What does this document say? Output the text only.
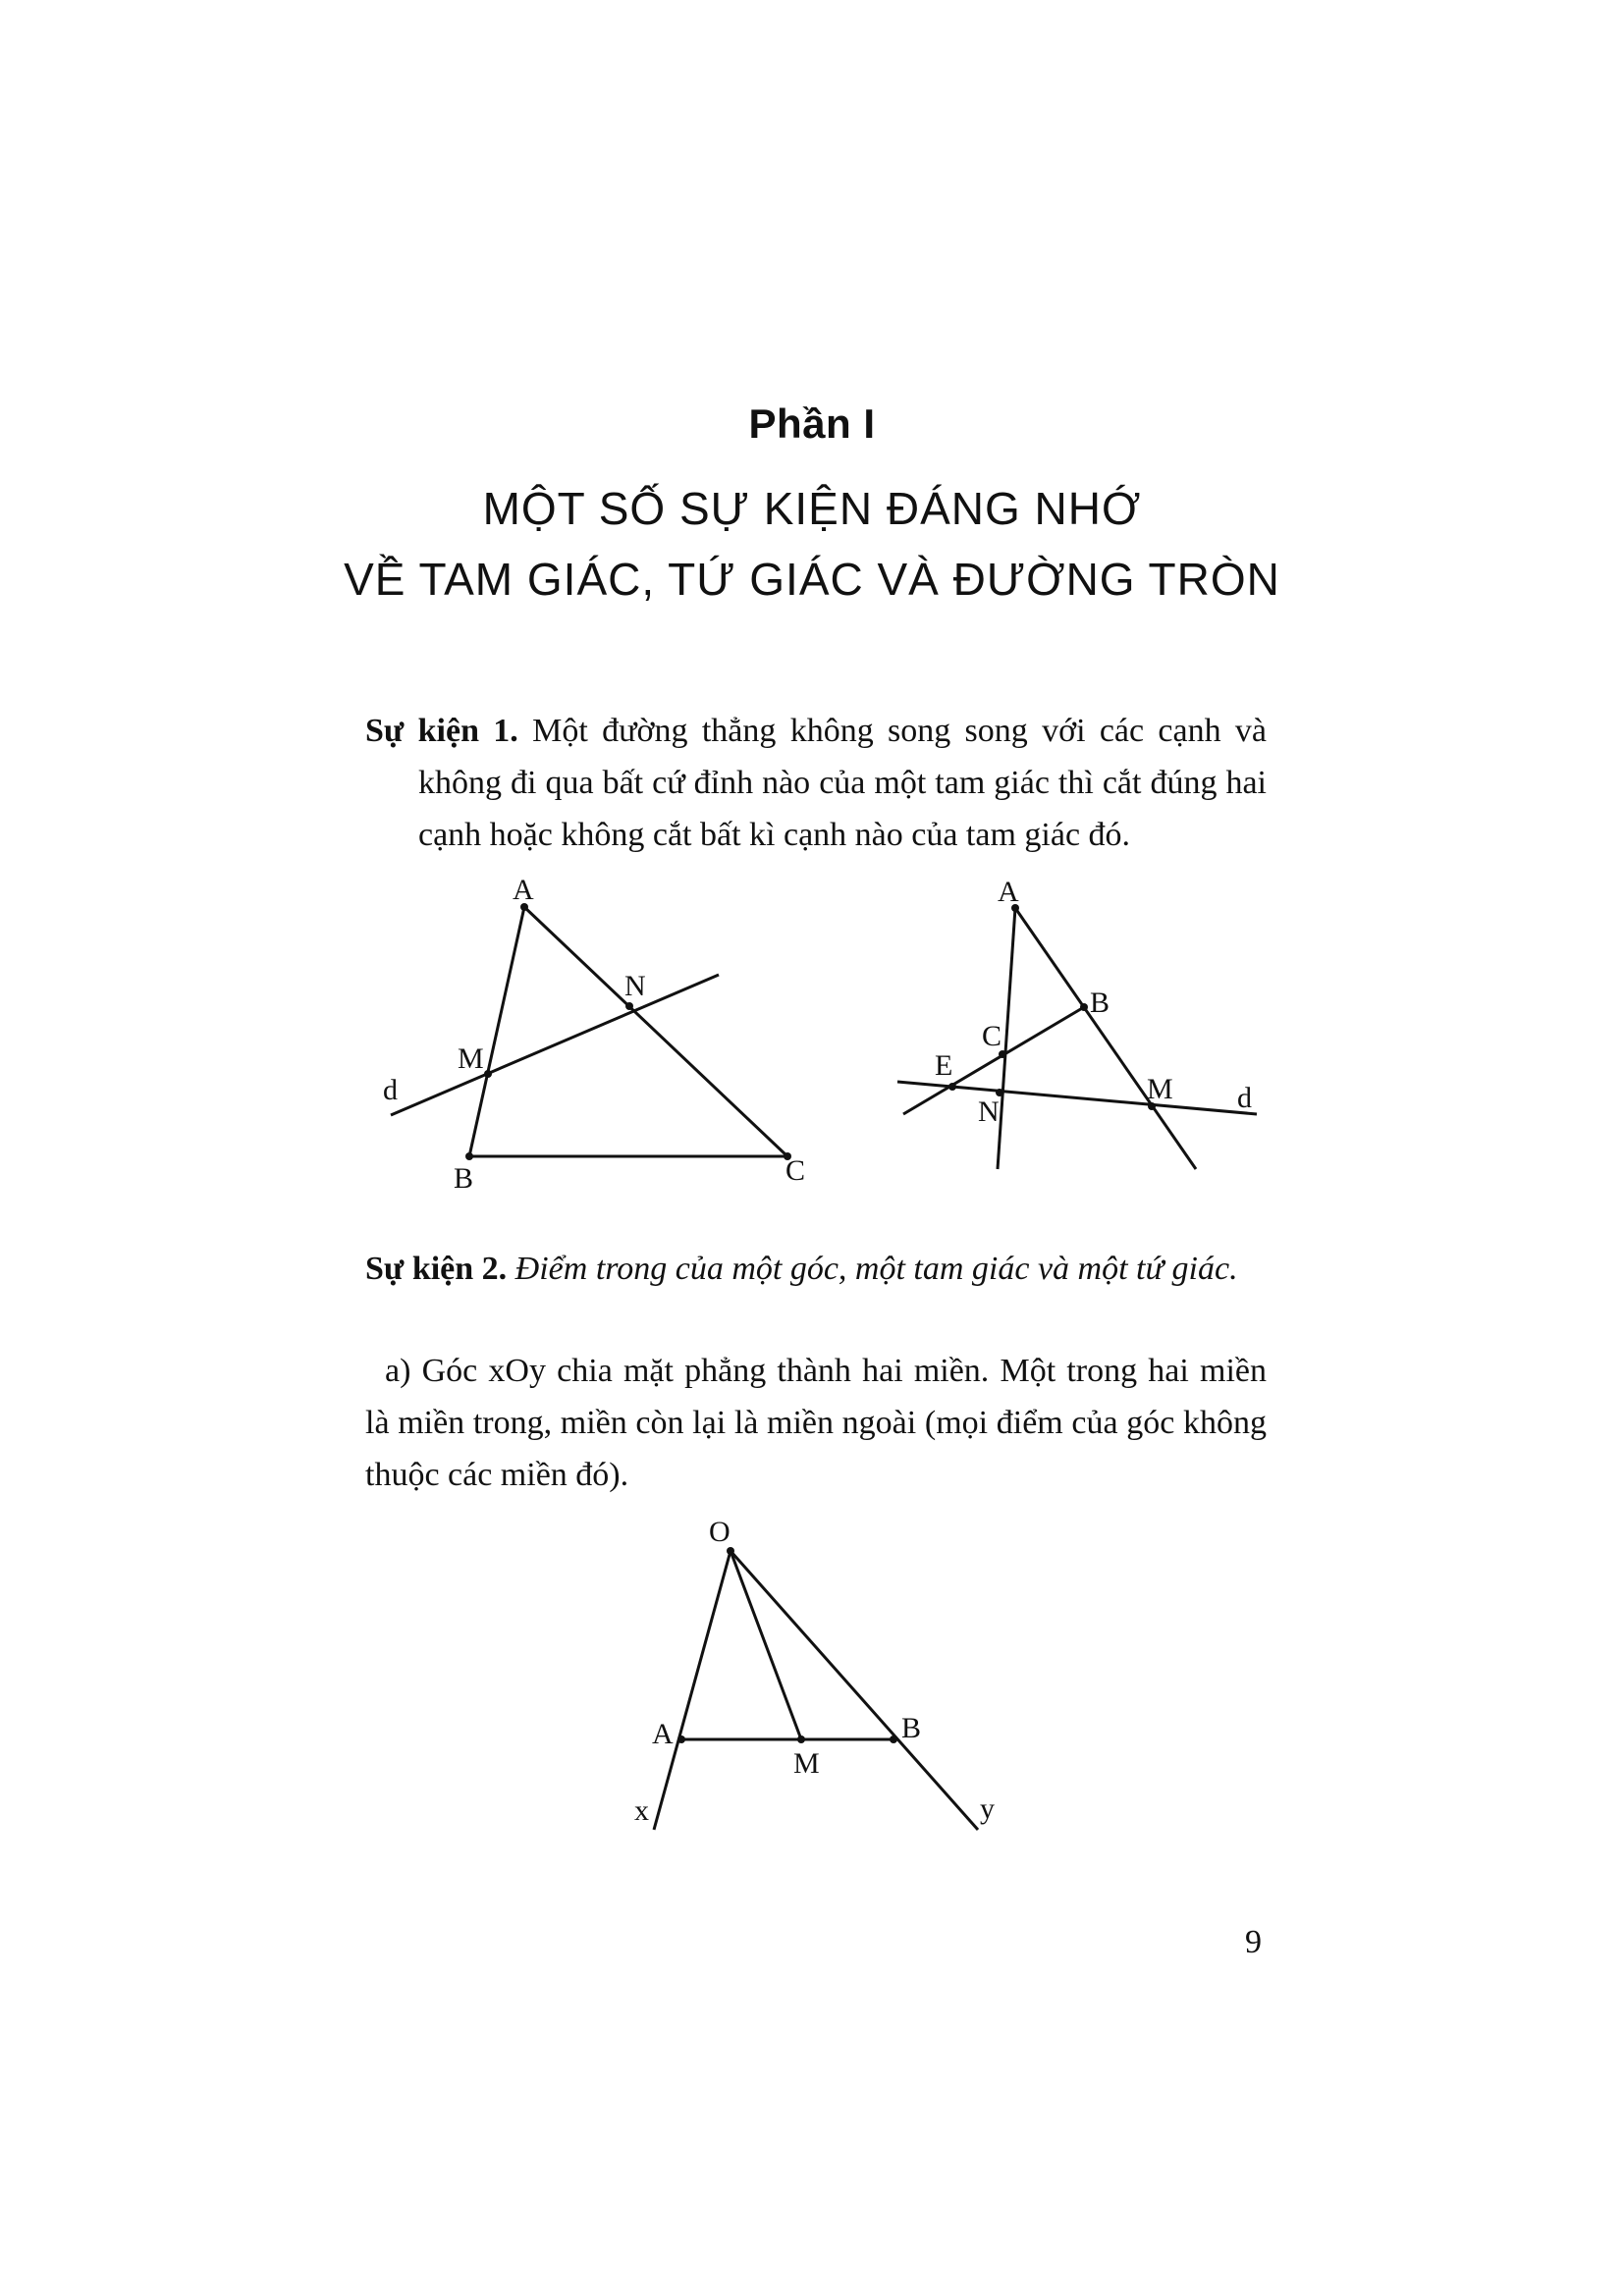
Phần I
MỘT SỐ SỰ KIỆN ĐÁNG NHỚ
VỀ TAM GIÁC, TỨ GIÁC VÀ ĐƯỜNG TRÒN
Sự kiện 1. Một đường thẳng không song song với các cạnh và không đi qua bất cứ đỉnh nào của một tam giác thì cắt đúng hai cạnh hoặc không cắt bất kì cạnh nào của tam giác đó.
A
B	C
M
N
d
A
B
C
E
N
M d
Sự kiện 2. Điểm trong của một góc, một tam giác và một tứ giác.
a) Góc xOy chia mặt phẳng thành hai miền. Một trong hai miền là miền trong, miền còn lại là miền ngoài (mọi điểm của góc không thuộc các miền đó).
O
A	B
M
x	y
9
